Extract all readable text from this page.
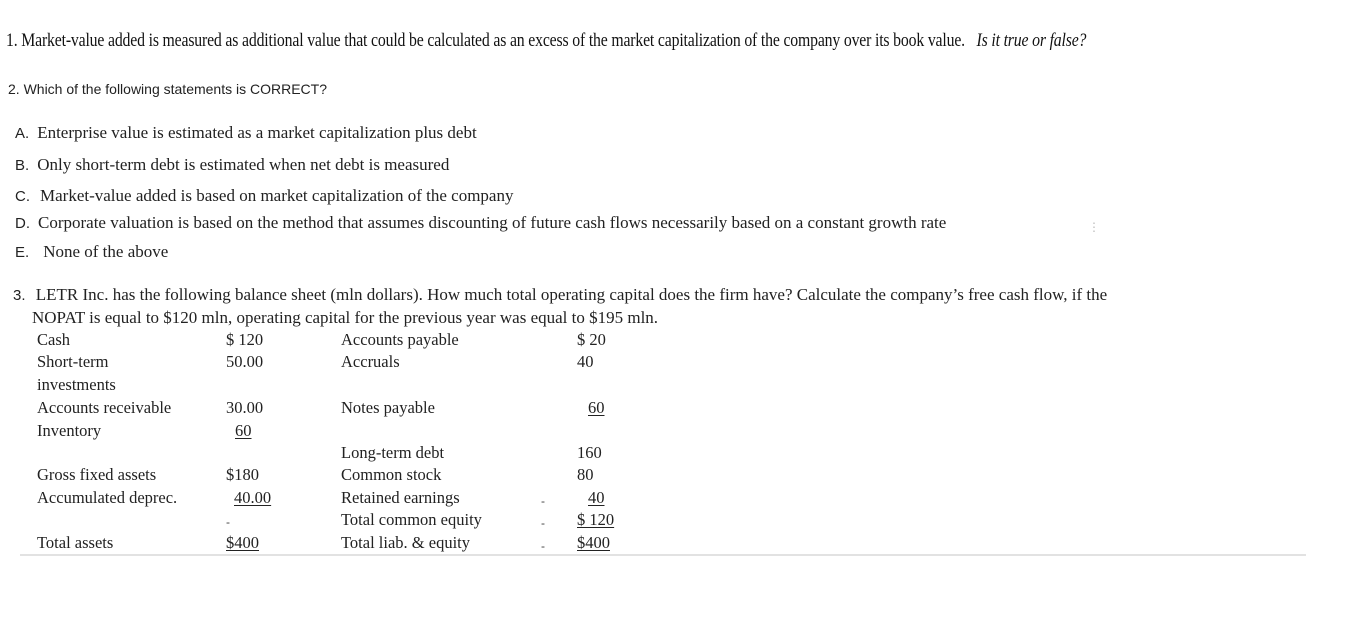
1. Market-value added is measured as additional value that could be calculated as an excess of the market capitalization of the company over its book value. Is it true or false?
2. Which of the following statements is CORRECT?
A. Enterprise value is estimated as a market capitalization plus debt
B. Only short-term debt is estimated when net debt is measured
C. Market-value added is based on market capitalization of the company
D. Corporate valuation is based on the method that assumes discounting of future cash flows necessarily based on a constant growth rate	⋮
E. None of the above
3. LETR Inc. has the following balance sheet (mln dollars). How much total operating capital does the firm have? Calculate the company’s free cash flow, if the
NOPAT is equal to $120 mln, operating capital for the previous year was equal to $195 mln.
Cash
Short-term
investments
Accounts receivable
Inventory
Gross fixed assets
Accumulated deprec.
Total assets
$ 120
50.00
30.00
60
$180
40.00
-
$400
Accounts payable
Accruals
Notes payable
Long-term debt
Common stock
Retained earnings
Total common equity
Total liab. & equity
-
-
-
$ 20
40
60
160
80
40
$ 120
$400
